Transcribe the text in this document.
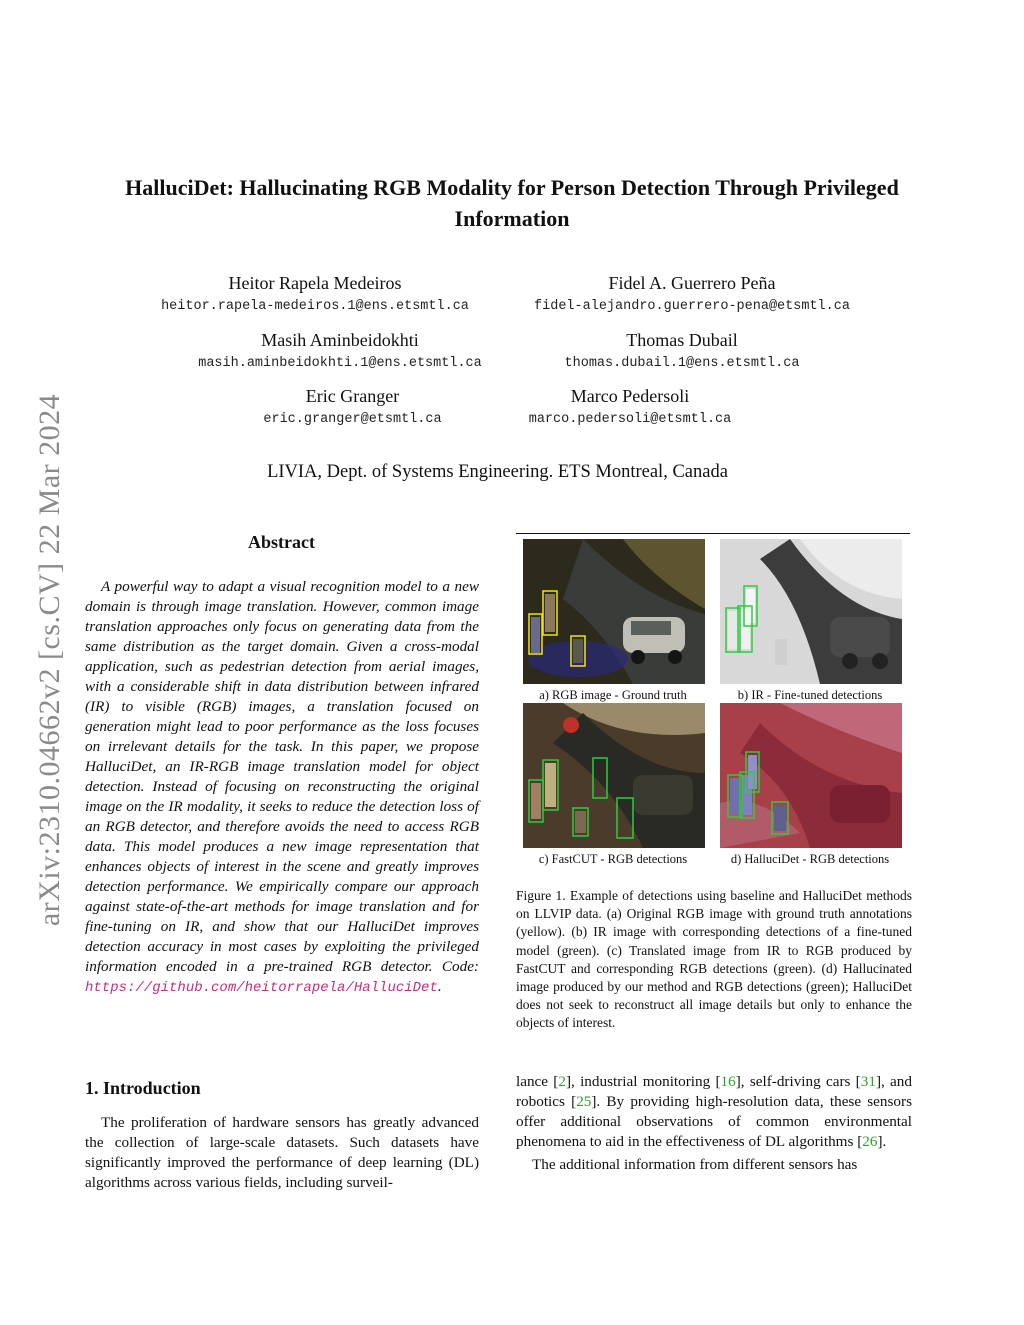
arXiv:2310.04662v2 [cs.CV] 22 Mar 2024
HalluciDet: Hallucinating RGB Modality for Person Detection Through Privileged Information
Heitor Rapela Medeiros
heitor.rapela-medeiros.1@ens.etsmtl.ca
Fidel A. Guerrero Peña
fidel-alejandro.guerrero-pena@etsmtl.ca
Masih Aminbeidokhti
masih.aminbeidokhti.1@ens.etsmtl.ca
Thomas Dubail
thomas.dubail.1@ens.etsmtl.ca
Eric Granger
eric.granger@etsmtl.ca
Marco Pedersoli
marco.pedersoli@etsmtl.ca
LIVIA, Dept. of Systems Engineering. ETS Montreal, Canada
Abstract
A powerful way to adapt a visual recognition model to a new domain is through image translation. However, common image translation approaches only focus on generating data from the same distribution as the target domain. Given a cross-modal application, such as pedestrian detection from aerial images, with a considerable shift in data distribution between infrared (IR) to visible (RGB) images, a translation focused on generation might lead to poor performance as the loss focuses on irrelevant details for the task. In this paper, we propose HalluciDet, an IR-RGB image translation model for object detection. Instead of focusing on reconstructing the original image on the IR modality, it seeks to reduce the detection loss of an RGB detector, and therefore avoids the need to access RGB data. This model produces a new image representation that enhances objects of interest in the scene and greatly improves detection performance. We empirically compare our approach against state-of-the-art methods for image translation and for fine-tuning on IR, and show that our HalluciDet improves detection accuracy in most cases by exploiting the privileged information encoded in a pre-trained RGB detector. Code: https://github.com/heitorrapela/HalluciDet.
a) RGB image - Ground truth	b) IR - Fine-tuned detections
c) FastCUT - RGB detections	d) HalluciDet - RGB detections
Figure 1. Example of detections using baseline and HalluciDet methods on LLVIP data. (a) Original RGB image with ground truth annotations (yellow). (b) IR image with corresponding detections of a fine-tuned model (green). (c) Translated image from IR to RGB produced by FastCUT and corresponding RGB detections (green). (d) Hallucinated image produced by our method and RGB detections (green); HalluciDet does not seek to reconstruct all image details but only to enhance the objects of interest.
1. Introduction
The proliferation of hardware sensors has greatly advanced the collection of large-scale datasets. Such datasets have significantly improved the performance of deep learning (DL) algorithms across various fields, including surveil-

lance [2], industrial monitoring [16], self-driving cars [31], and robotics [25]. By providing high-resolution data, these sensors offer additional observations of common environmental phenomena to aid in the effectiveness of DL algorithms [26].

The additional information from different sensors has
